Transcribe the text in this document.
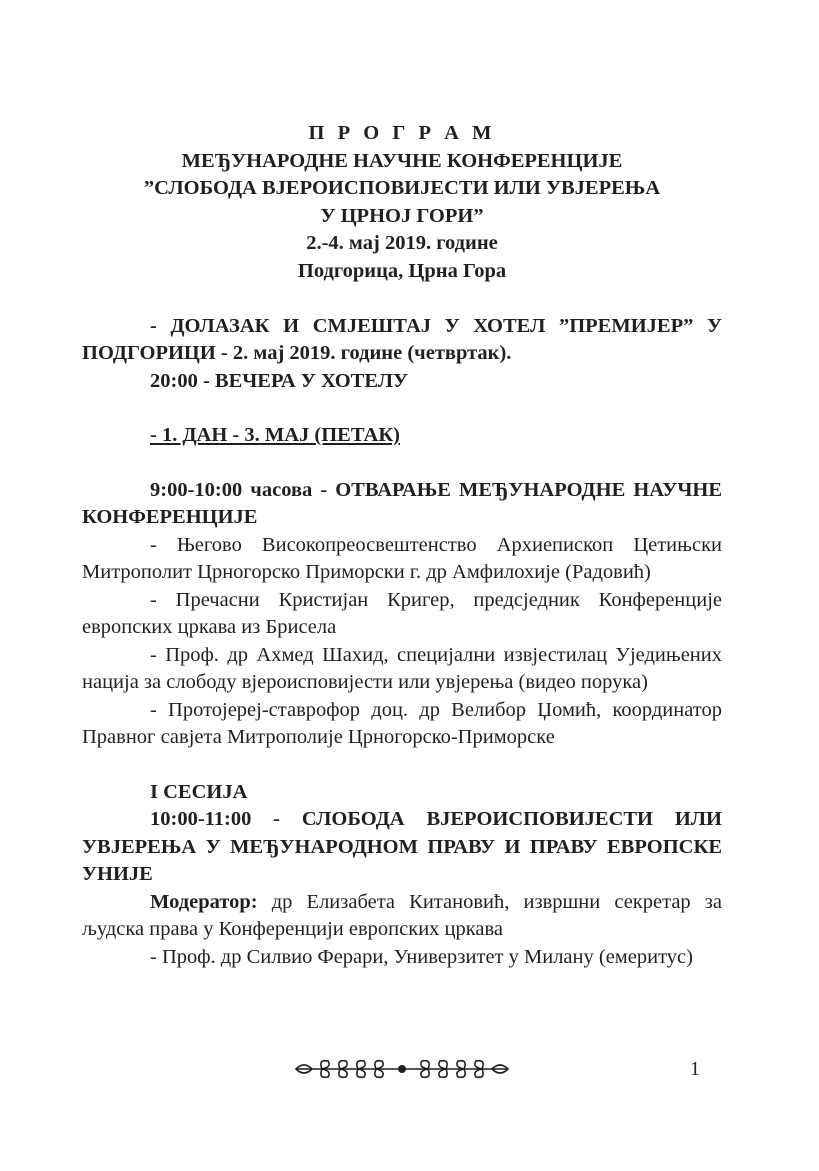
П Р О Г Р А М
МЕЂУНАРОДНЕ НАУЧНЕ КОНФЕРЕНЦИЈЕ
”СЛОБОДА ВЈЕРОИСПОВИЈЕСТИ ИЛИ УВЈЕРЕЊА
У ЦРНОЈ ГОРИ”
2.-4. мај 2019. године
Подгорица, Црна Гора

- ДОЛАЗАК И СМЈЕШТАЈ У ХОТЕЛ ”ПРЕМИЈЕР” У ПОДГОРИЦИ - 2. мај 2019. године (четвртак).

20:00 - ВЕЧЕРА У ХОТЕЛУ

- 1. ДАН - 3. МАЈ (ПЕТАК)

9:00-10:00 часова - ОТВАРАЊЕ МЕЂУНАРОДНЕ НАУЧНЕ КОНФЕРЕНЦИЈЕ

- Његово Високопреосвештенство Архиепископ Цетињски Митрополит Црногорско Приморски г. др Амфилохије (Радовић)

- Пречасни Кристијан Кригер, предсједник Конференције европских цркава из Брисела

- Проф. др Ахмед Шахид, специјални извјестилац Уједињених нација за слободу вјероисповијести или увјерења (видео порука)

- Протојереј-ставрофор доц. др Велибор Џомић, координатор Правног савјета Митрополије Црногорско-Приморске

I СЕСИЈА

10:00-11:00 - СЛОБОДА ВЈЕРОИСПОВИЈЕСТИ ИЛИ УВЈЕРЕЊА У МЕЂУНАРОДНОМ ПРАВУ И ПРАВУ ЕВРОПСКЕ УНИЈЕ

Модератор: др Елизабета Китановић, извршни секретар за људска права у Конференцији европских цркава

- Проф. др Силвио Ферари, Универзитет у Милану (емеритус)

1
